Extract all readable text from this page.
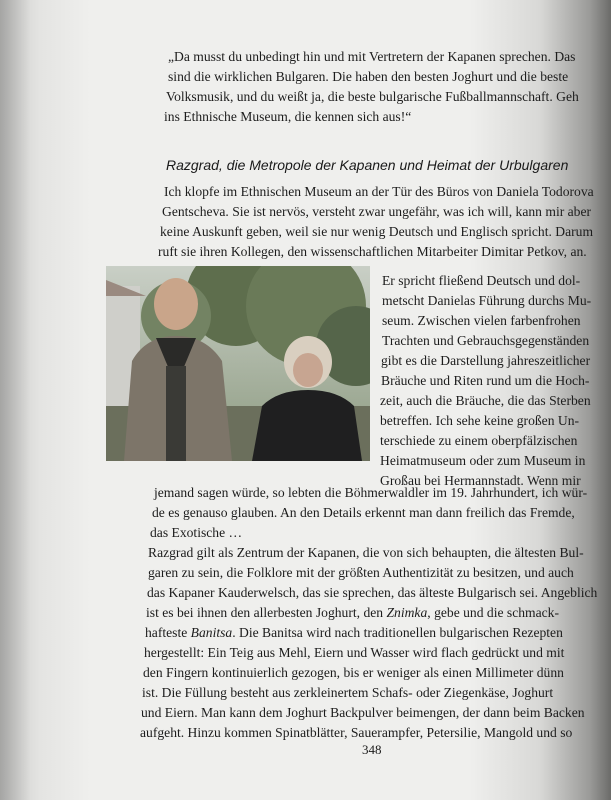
„Da musst du unbedingt hin und mit Vertretern der Kapanen sprechen. Das
sind die wirklichen Bulgaren. Die haben den besten Joghurt und die beste
Volksmusik, und du weißt ja, die beste bulgarische Fußballmannschaft. Geh
ins Ethnische Museum, die kennen sich aus!“
Razgrad, die Metropole der Kapanen und Heimat der Urbulgaren
Ich klopfe im Ethnischen Museum an der Tür des Büros von Daniela Todorova
Gentscheva. Sie ist nervös, versteht zwar ungefähr, was ich will, kann mir aber
keine Auskunft geben, weil sie nur wenig Deutsch und Englisch spricht. Darum
ruft sie ihren Kollegen, den wissenschaftlichen Mitarbeiter Dimitar Petkov, an.
Er spricht fließend Deutsch und dol-
metscht Danielas Führung durchs Mu-
seum. Zwischen vielen farbenfrohen
Trachten und Gebrauchsgegenständen
gibt es die Darstellung jahreszeitlicher
Bräuche und Riten rund um die Hoch-
zeit, auch die Bräuche, die das Sterben
betreffen. Ich sehe keine großen Un-
terschiede zu einem oberpfälzischen
Heimatmuseum oder zum Museum in
Großau bei Hermannstadt. Wenn mir
jemand sagen würde, so lebten die Böhmerwaldler im 19. Jahrhundert, ich wür-
de es genauso glauben. An den Details erkennt man dann freilich das Fremde,
das Exotische …
Razgrad gilt als Zentrum der Kapanen, die von sich behaupten, die ältesten Bul-
garen zu sein, die Folklore mit der größten Authentizität zu besitzen, und auch
das Kapaner Kauderwelsch, das sie sprechen, das älteste Bulgarisch sei. Angeblich
ist es bei ihnen den allerbesten Joghurt, den Znimka, gebe und die schmack-
hafteste Banitsa. Die Banitsa wird nach traditionellen bulgarischen Rezepten
hergestellt: Ein Teig aus Mehl, Eiern und Wasser wird flach gedrückt und mit
den Fingern kontinuierlich gezogen, bis er weniger als einen Millimeter dünn
ist. Die Füllung besteht aus zerkleinertem Schafs- oder Ziegenkäse, Joghurt
und Eiern. Man kann dem Joghurt Backpulver beimengen, der dann beim Backen
aufgeht. Hinzu kommen Spinatblätter, Sauerampfer, Petersilie, Mangold und so
348
